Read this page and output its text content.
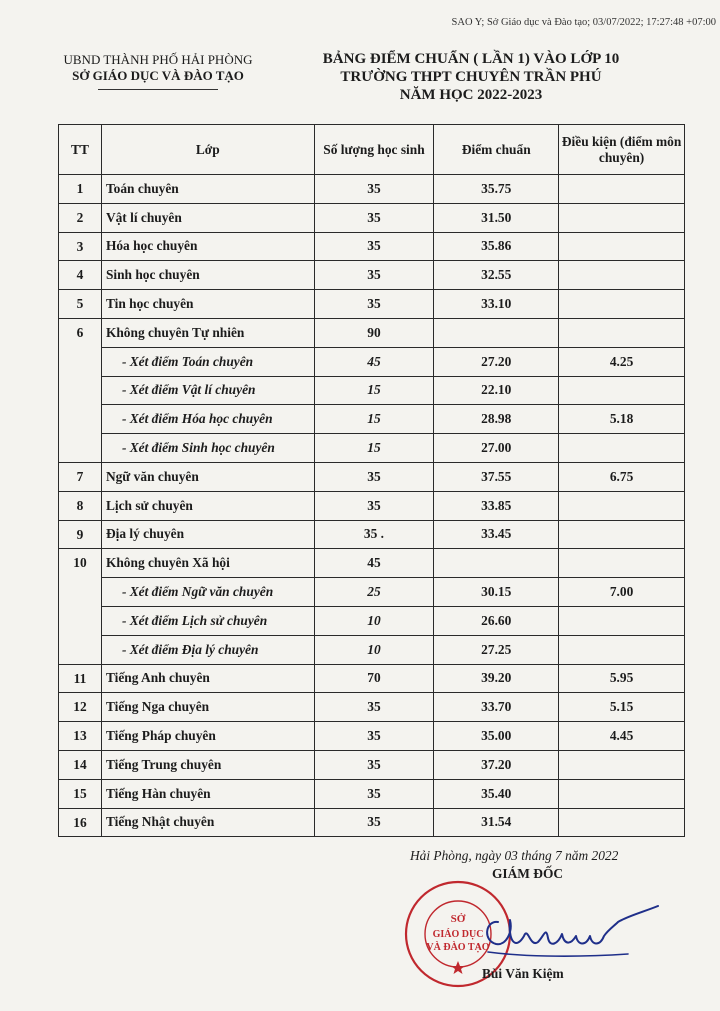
SAO Y; Sở Giáo dục và Đào tạo; 03/07/2022; 17:27:48 +07:00
UBND THÀNH PHỐ HẢI PHÒNG
SỞ GIÁO DỤC VÀ ĐÀO TẠO
BẢNG ĐIỂM CHUẨN ( LẦN 1) VÀO LỚP 10
TRƯỜNG THPT CHUYÊN TRẦN PHÚ
NĂM HỌC 2022-2023
TT	Lớp	Số lượng học sinh	Điểm chuẩn	Điều kiện (điểm môn chuyên)
1	Toán chuyên	35	35.75	
2	Vật lí chuyên	35	31.50	
3	Hóa học chuyên	35	35.86	
4	Sinh học chuyên	35	32.55	
5	Tin học chuyên	35	33.10	
6	Không chuyên Tự nhiên	90		
	- Xét điểm Toán chuyên	45	27.20	4.25
	- Xét điểm Vật lí chuyên	15	22.10	
	- Xét điểm Hóa học chuyên	15	28.98	5.18
	- Xét điểm Sinh học chuyên	15	27.00	
7	Ngữ văn chuyên	35	37.55	6.75
8	Lịch sử chuyên	35	33.85	
9	Địa lý chuyên	35 .	33.45	
10	Không chuyên Xã hội	45		
	- Xét điểm Ngữ văn chuyên	25	30.15	7.00
	- Xét điểm Lịch sử chuyên	10	26.60	
	- Xét điểm Địa lý chuyên	10	27.25	
11	Tiếng Anh chuyên	70	39.20	5.95
12	Tiếng Nga chuyên	35	33.70	5.15
13	Tiếng Pháp chuyên	35	35.00	4.45
14	Tiếng Trung chuyên	35	37.20	
15	Tiếng Hàn chuyên	35	35.40	
16	Tiếng Nhật chuyên	35	31.54	
Hải Phòng, ngày 03 tháng 7 năm 2022
GIÁM ĐỐC
SỞ
GIÁO DỤC
VÀ ĐÀO TẠO
Bùi Văn Kiệm
